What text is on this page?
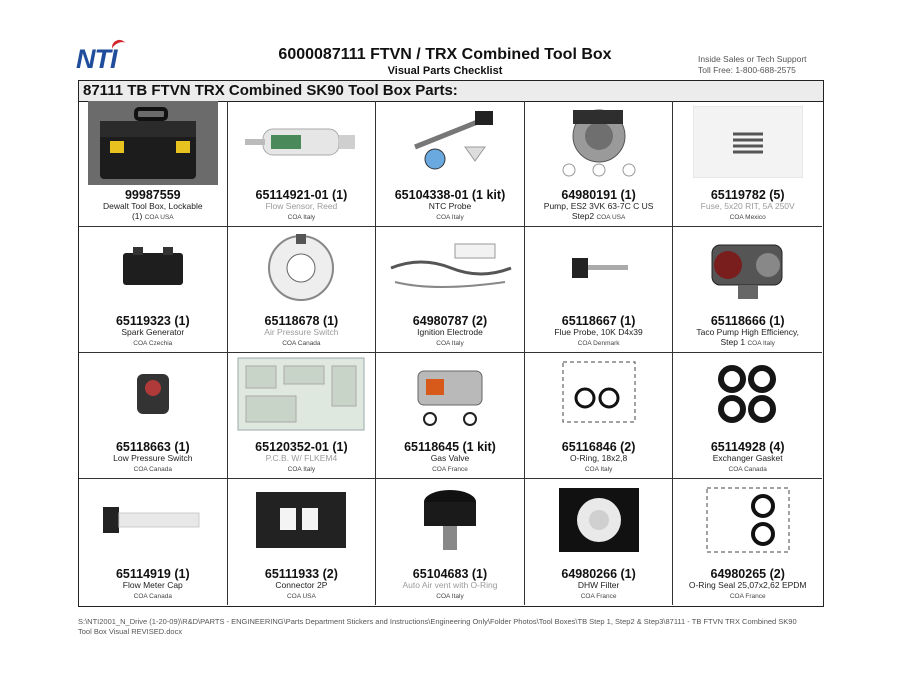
NTI	6000087111 FTVN / TRX Combined Tool Box
Visual Parts Checklist
Inside Sales or Tech Support
Toll Free: 1-800-688-2575
87111 TB FTVN TRX Combined SK90 Tool Box Parts:
99987559
Dewalt Tool Box, Lockable
(1) COA USA
65114921-01 (1)
Flow Sensor, Reed
COA Italy
65104338-01 (1 kit)
NTC Probe
COA Italy
64980191 (1)
Pump, ES2 3VK 63-7C C US
Step2 COA USA
65119782 (5)
Fuse, 5x20 RIT, 5A 250V
COA Mexico
65119323 (1)
Spark Generator
COA Czechia
65118678 (1)
Air Pressure Switch
COA Canada
64980787 (2)
Ignition Electrode
COA Italy
65118667 (1)
Flue Probe, 10K D4x39
COA Denmark
65118666 (1)
Taco Pump High Efficiency,
Step 1 COA Italy
65118663 (1)
Low Pressure Switch
COA Canada
65120352-01 (1)
P.C.B. W/ FLKEM4
COA Italy
65118645 (1 kit)
Gas Valve
COA France
65116846 (2)
O-Ring, 18x2,8
COA Italy
65114928 (4)
Exchanger Gasket
COA Canada
65114919 (1)
Flow Meter Cap
COA Canada
65111933 (2)
Connector 2P
COA USA
65104683 (1)
Auto Air vent with O-Ring
COA Italy
64980266 (1)
DHW Filter
COA France
64980265 (2)
O-Ring Seal 25,07x2,62 EPDM
COA France
S:\NTI2001_N_Drive (1-20-09)\R&D\PARTS - ENGINEERING\Parts Department Stickers and Instructions\Engineering Only\Folder Photos\Tool Boxes\TB Step 1, Step2 & Step3\87111 - TB FTVN TRX Combined SK90
Tool Box Visual REVISED.docx
